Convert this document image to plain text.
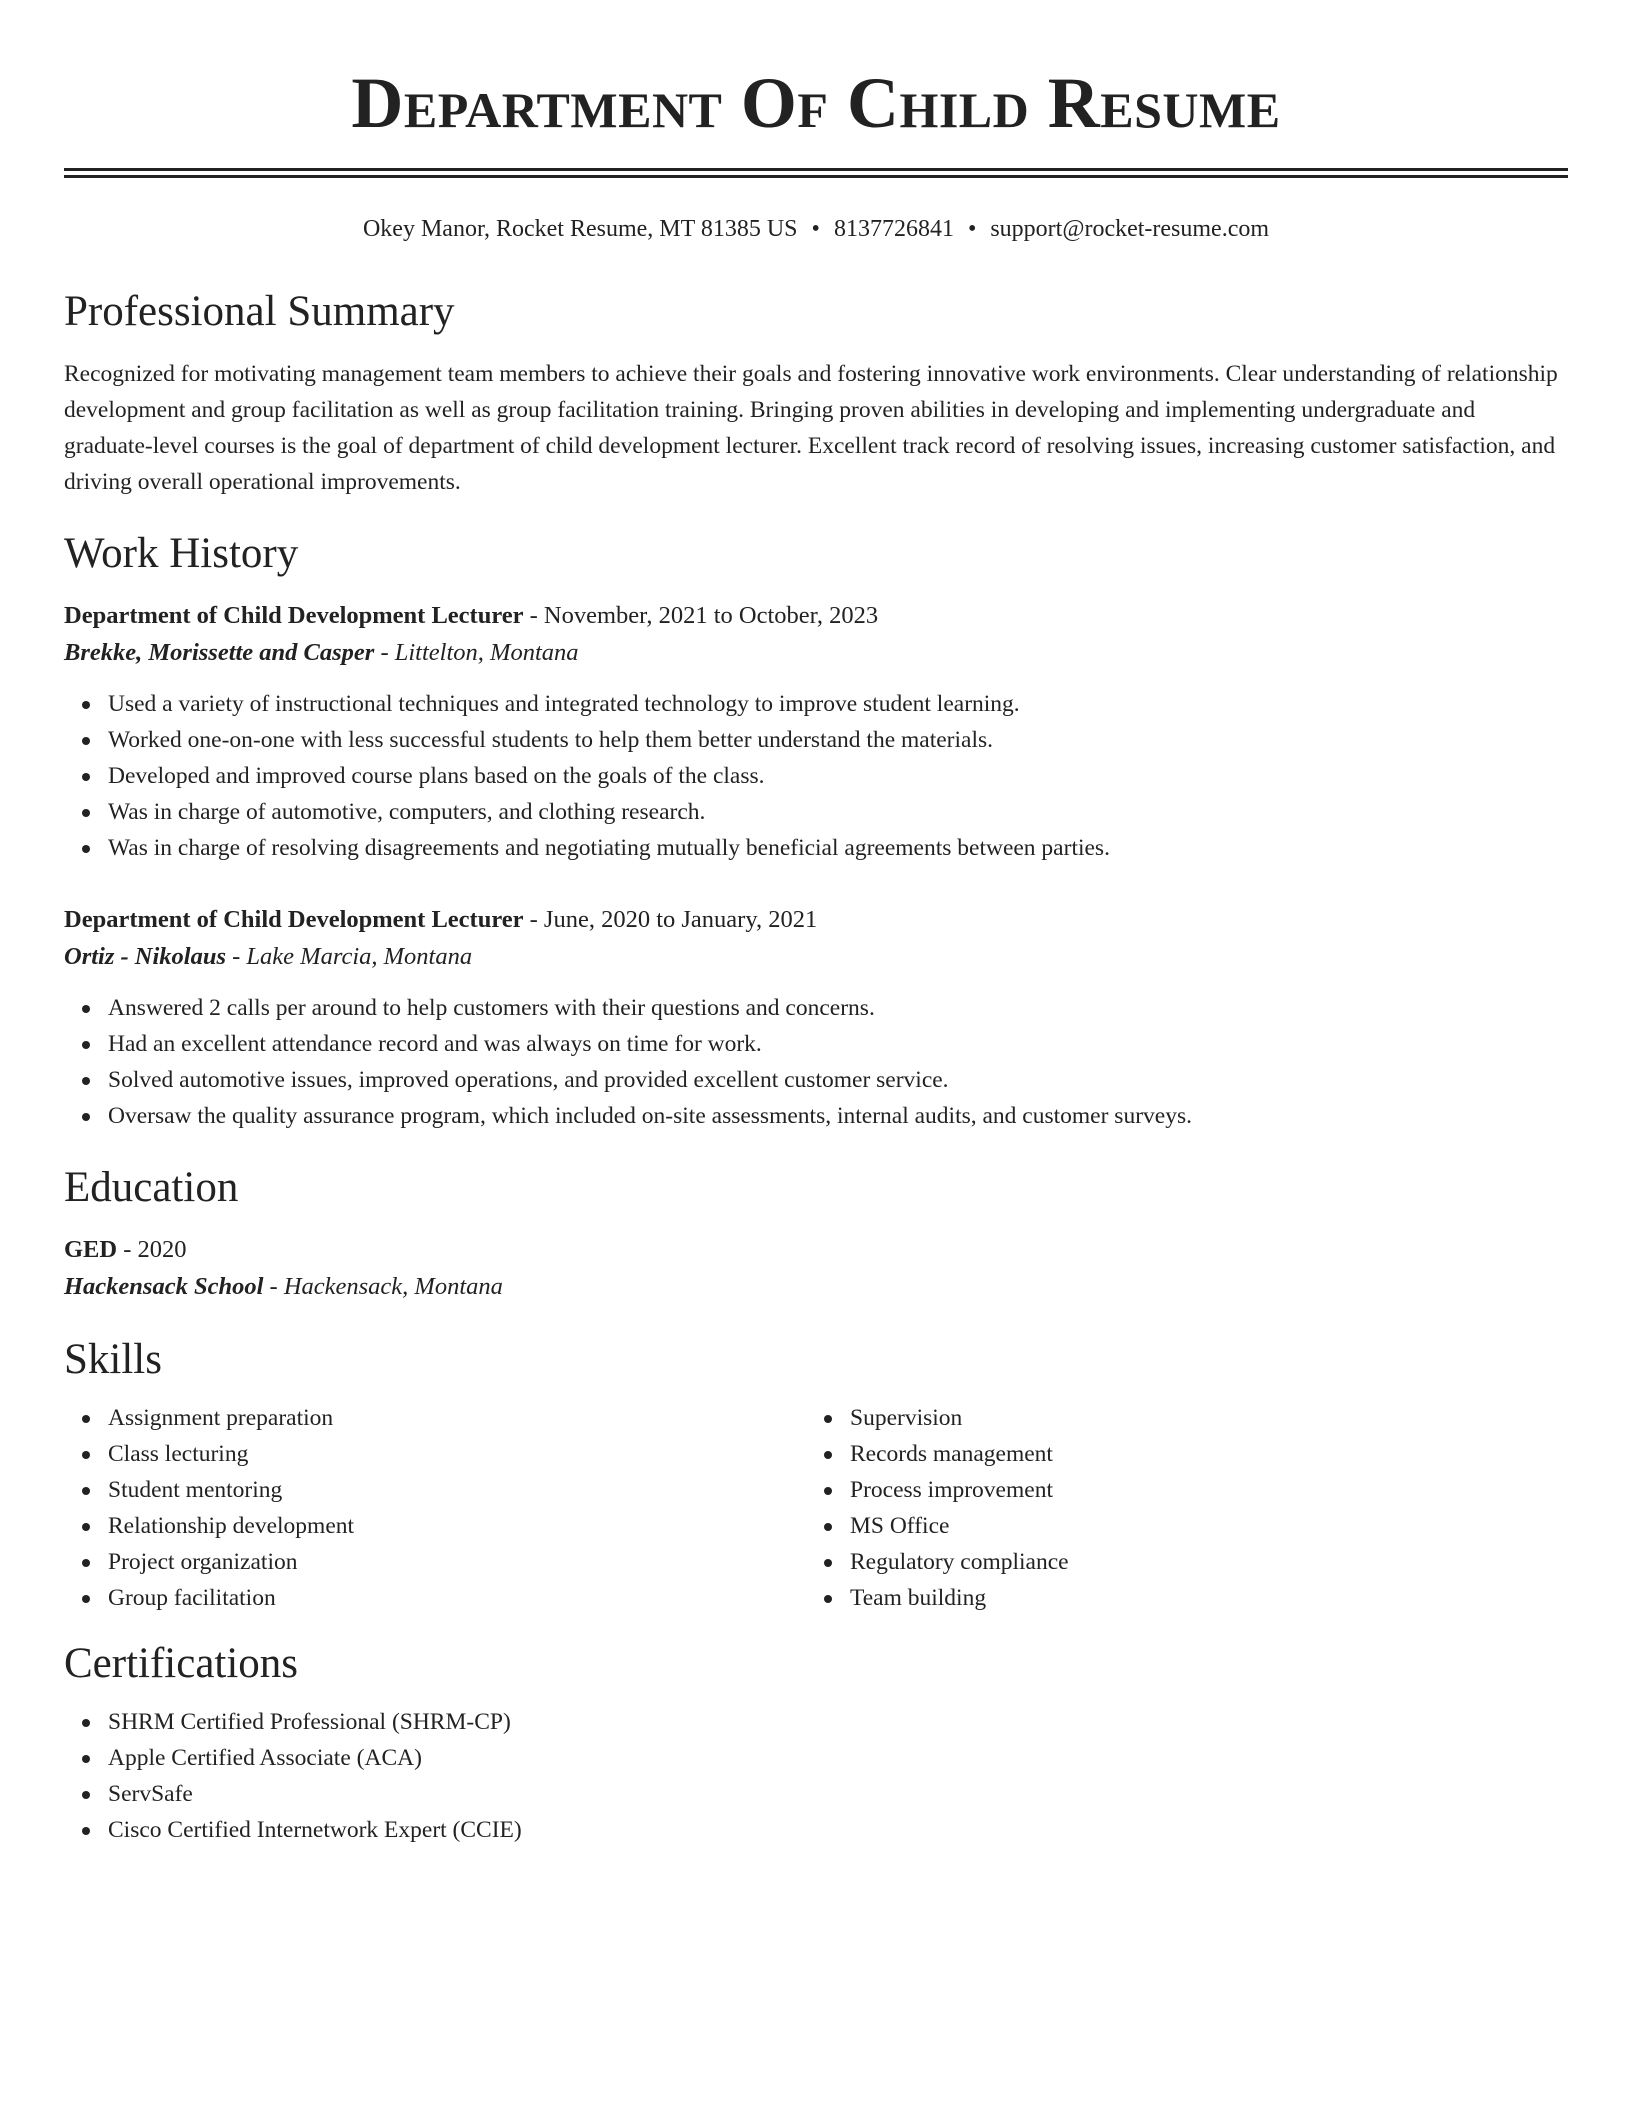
Department Of Child Resume
Okey Manor, Rocket Resume, MT 81385 US • 8137726841 • support@rocket-resume.com
Professional Summary
Recognized for motivating management team members to achieve their goals and fostering innovative work environments. Clear understanding of relationship development and group facilitation as well as group facilitation training. Bringing proven abilities in developing and implementing undergraduate and graduate-level courses is the goal of department of child development lecturer. Excellent track record of resolving issues, increasing customer satisfaction, and driving overall operational improvements.
Work History
Department of Child Development Lecturer - November, 2021 to October, 2023
Brekke, Morissette and Casper - Littelton, Montana
Used a variety of instructional techniques and integrated technology to improve student learning.
Worked one-on-one with less successful students to help them better understand the materials.
Developed and improved course plans based on the goals of the class.
Was in charge of automotive, computers, and clothing research.
Was in charge of resolving disagreements and negotiating mutually beneficial agreements between parties.
Department of Child Development Lecturer - June, 2020 to January, 2021
Ortiz - Nikolaus - Lake Marcia, Montana
Answered 2 calls per around to help customers with their questions and concerns.
Had an excellent attendance record and was always on time for work.
Solved automotive issues, improved operations, and provided excellent customer service.
Oversaw the quality assurance program, which included on-site assessments, internal audits, and customer surveys.
Education
GED - 2020
Hackensack School - Hackensack, Montana
Skills
Assignment preparation
Class lecturing
Student mentoring
Relationship development
Project organization
Group facilitation
Supervision
Records management
Process improvement
MS Office
Regulatory compliance
Team building
Certifications
SHRM Certified Professional (SHRM-CP)
Apple Certified Associate (ACA)
ServSafe
Cisco Certified Internetwork Expert (CCIE)
